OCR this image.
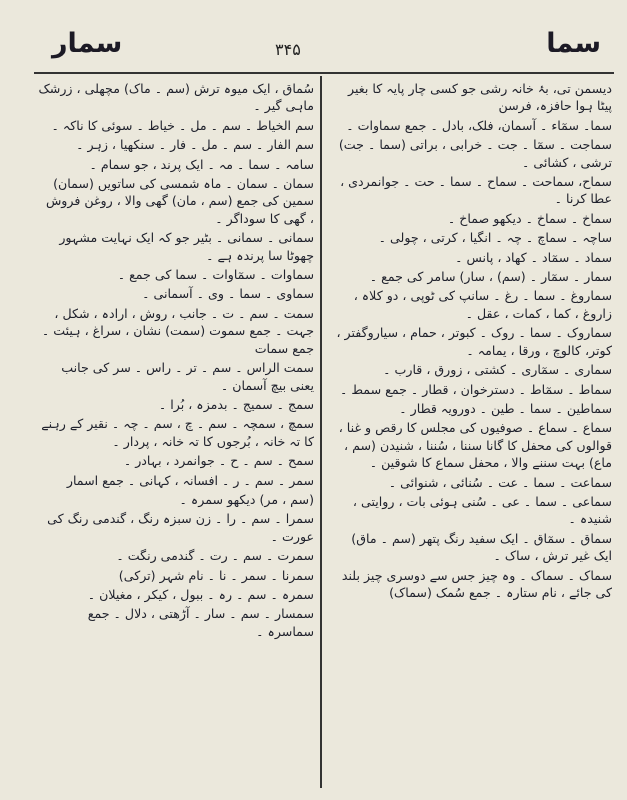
سمار	۳۴۵	سما
دیسمن تی، بۂ خانہ رشی جو کسی چار پایہ کا بغیر پیٹا ہوا حافزہ، فرسن
سما۔ سمٓاء ۔ آسمان، فلک، بادل ۔ جمع سماوات ۔
سماجت ۔ سمٓا ۔ جت ۔ خرابی ، براتی (سما ۔ جت) ترشی ، کشائی ۔
سماح، سماحت ۔ سماح ۔ سما ۔ حت ۔ جوانمردی ، عطا کرنا ۔
سماخ ۔ سماخ ۔ دیکھو صماخ ۔
ساچہ ۔ سماچ ۔ چہ ۔ انگیا ، کرتی ، چولی ۔
سماد ۔ سمٓاد ۔ کھاد ، پانس ۔
سمار ۔ سمٓار ۔ (سم) ، سار) سامر کی جمع ۔
سماروغ ۔ سما ۔ رغ ۔ سانپ کی ٹوپی ، دو کلاہ ، زاروغ ، کما ، کمات ، عقل ۔
سماروک ۔ سما ۔ روک ۔ کبوتر ، حمام ، سیاروگفتر ، کوتر، کالوچ ، ورقا ، یمامہ ۔
سماری ۔ سمٓاری ۔ کشتی ، زورق ، قارب ۔
سماط ۔ سمٓاط ۔ دسترخوان ، قطار ۔ جمع سمط ۔
سماطین ۔ سما ۔ طین ۔ دورویہ قطار ۔
سماع ۔ سماع ۔ صوفیوں کی مجلس کا رقص و غنا ، قوالوں کی محفل کا گانا سننا ، سُننا ، شنیدن (سم ، ماع) بہت سننے والا ، محفل سماع کا شوقین ۔
سماعت ۔ سما ۔ عت ۔ سُنائی ، شنوائی ۔
سماعی ۔ سما ۔ عی ۔ سُنی ہوئی بات ، روایتی ، شنیدہ ۔
سماق ۔ سمٓاق ۔ ایک سفید رنگ پتھر (سم ۔ ماق) ایک غیر ترش ، ساک ۔
سماک ۔ سماک ۔ وہ چیز جس سے دوسری چیز بلند کی جائے ، نام ستارہ ۔ جمع سُمک (سماک)
سُماق ، ایک میوہ ترش (سم ۔ ماک) مچھلی ، زرشک ماہی گیر ۔
سم الخیاط ۔ سم ۔ مل ۔ خیاط ۔ سوئی کا ناکہ ۔
سم الفار ۔ سم ۔ مل ۔ فار ۔ سنکھیا ، زہر ۔
سامہ ۔ سما ۔ مہ ۔ ایک پرند ، جو سمام ۔
سمان ۔ سمان ۔ ماہ شمسی کی ساتویں (سمان) سمین کی جمع (سم ، مان) گھی والا ، روغن فروش ، گھی کا سوداگر ۔
سمانی ۔ سمانی ۔ بٹیر جو کہ ایک نہایت مشہور چھوٹا سا پرندہ ہے ۔
سماوات ۔ سمٓاوات ۔ سما کی جمع ۔
سماوی ۔ سما ۔ وی ۔ آسمانی ۔
سمت ۔ سم ۔ ت ۔ جانب ، روش ، ارادہ ، شکل ، جہت ۔ جمع سموت (سمت) نشان ، سراغ ، ہیئت ۔ جمع سمات
سمت الراس ۔ سم ۔ تر ۔ راس ۔ سر کی جانب یعنی بیچ آسمان ۔
سمج ۔ سمیج ۔ بدمزہ ، بُرا ۔
سمچ ، سمچہ ۔ سم ۔ چ ، سم ۔ چہ ۔ نقیر کے رہنے کا تہ خانہ ، بُرجوں کا تہ خانہ ، پردار ۔
سمح ۔ سم ۔ ح ۔ جوانمرد ، بہادر ۔
سمر ۔ سم ۔ ر ۔ افسانہ ، کہانی ۔ جمع اسمار
(سم ، مر) دیکھو سمرہ ۔
سمرا ۔ سم ۔ را ۔ زن سبزہ رنگ ، گندمی رنگ کی عورت ۔
سمرت ۔ سم ۔ رت ۔ گندمی رنگت ۔
سمرنا ۔ سمر ۔ نا ۔ نام شہر (ترکی)
سمرہ ۔ سم ۔ رہ ۔ ببول ، کیکر ، مغیلان ۔
سمسار ۔ سم ۔ سار ۔ آڑھتی ، دلال ۔ جمع سماسرہ ۔
